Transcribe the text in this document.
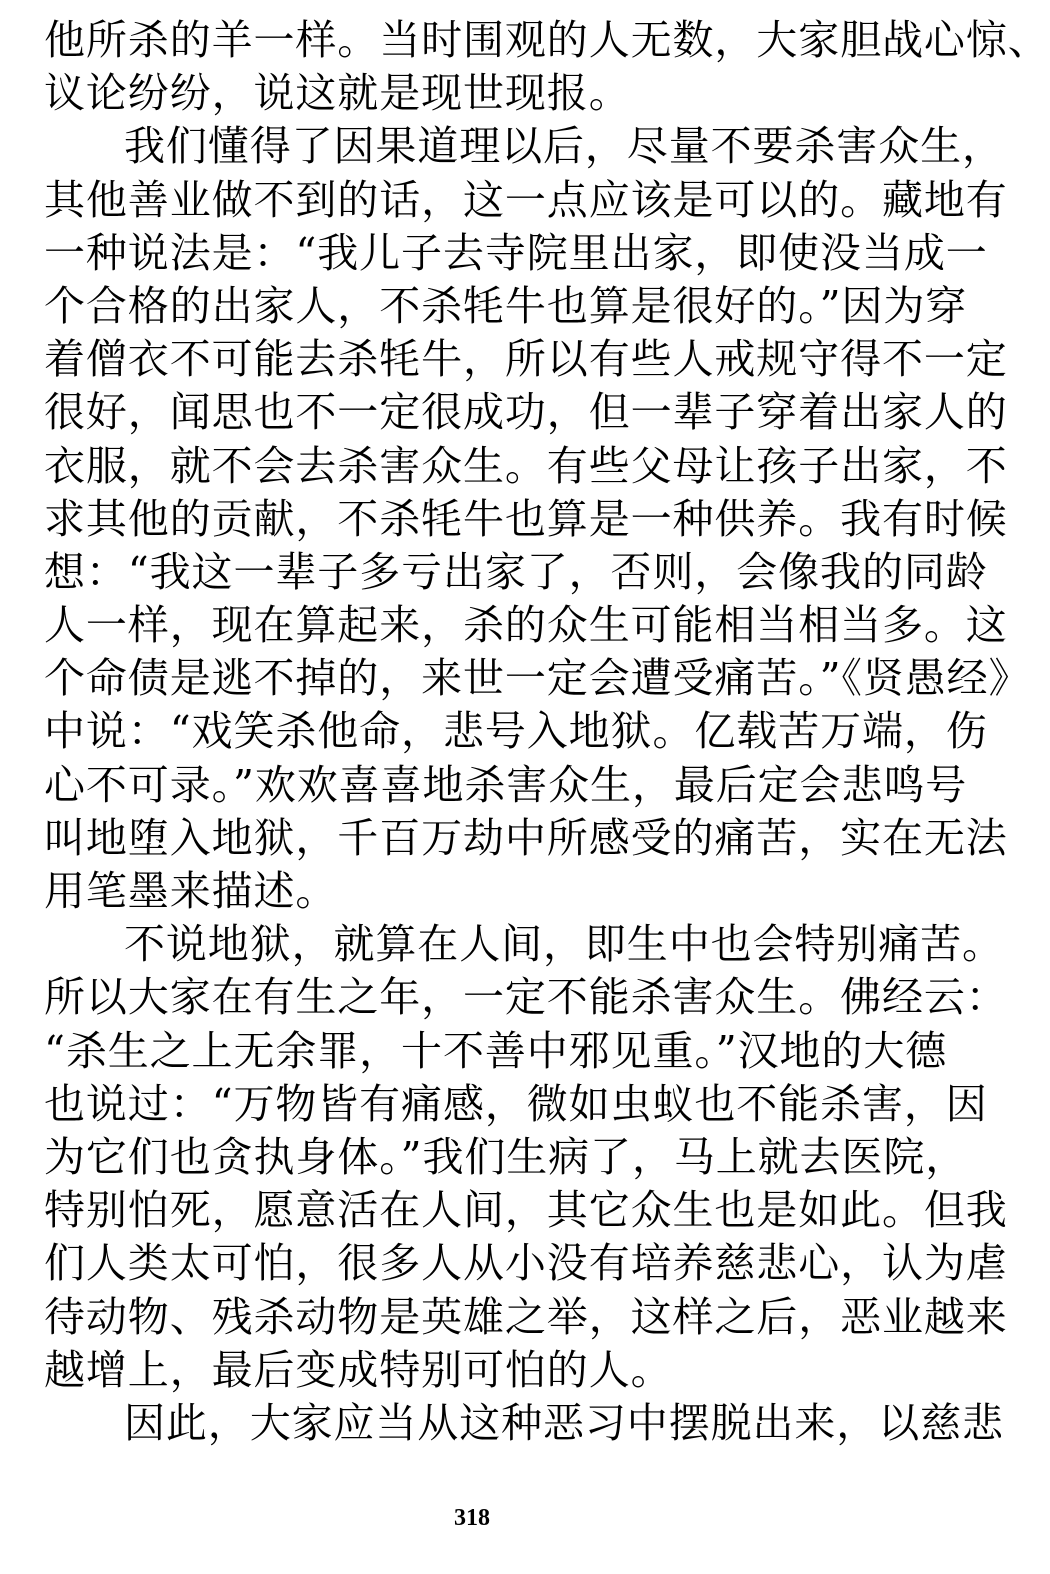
他所杀的羊一样。当时围观的人无数，大家胆战心惊、
议论纷纷，说这就是现世现报。
我们懂得了因果道理以后，尽量不要杀害众生，
其他善业做不到的话，这一点应该是可以的。藏地有
一种说法是：“我儿子去寺院里出家，即使没当成一
个合格的出家人，不杀牦牛也算是很好的。”因为穿
着僧衣不可能去杀牦牛，所以有些人戒规守得不一定
很好，闻思也不一定很成功，但一辈子穿着出家人的
衣服，就不会去杀害众生。有些父母让孩子出家，不
求其他的贡献，不杀牦牛也算是一种供养。我有时候
想：“我这一辈子多亏出家了，否则，会像我的同龄
人一样，现在算起来，杀的众生可能相当相当多。这
个命债是逃不掉的，来世一定会遭受痛苦。”《贤愚经》
中说：“戏笑杀他命，悲号入地狱。亿载苦万端，伤
心不可录。”欢欢喜喜地杀害众生，最后定会悲鸣号
叫地堕入地狱，千百万劫中所感受的痛苦，实在无法
用笔墨来描述。
不说地狱，就算在人间，即生中也会特别痛苦。
所以大家在有生之年，一定不能杀害众生。佛经云：
“杀生之上无余罪，十不善中邪见重。”汉地的大德
也说过：“万物皆有痛感，微如虫蚁也不能杀害，因
为它们也贪执身体。”我们生病了，马上就去医院，
特别怕死，愿意活在人间，其它众生也是如此。但我
们人类太可怕，很多人从小没有培养慈悲心，认为虐
待动物、残杀动物是英雄之举，这样之后，恶业越来
越增上，最后变成特别可怕的人。
因此，大家应当从这种恶习中摆脱出来，以慈悲
318
